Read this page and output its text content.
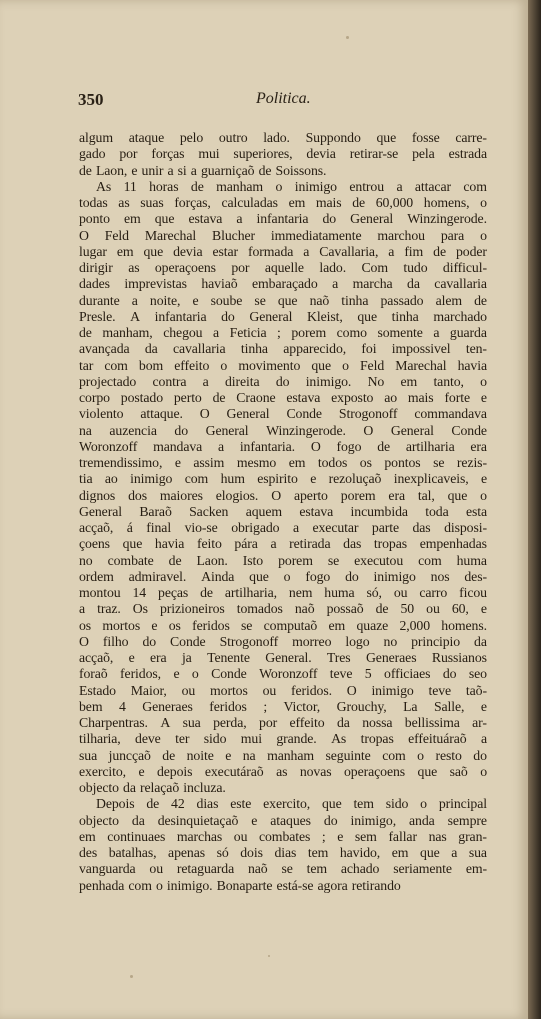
350	Politica.
algum ataque pelo outro lado. Suppondo que fosse carre-
gado por forças mui superiores, devia retirar-se pela estrada
de Laon, e unir a si a guarniçaõ de Soissons.
As 11 horas de manham o inimigo entrou a attacar com
todas as suas forças, calculadas em mais de 60,000 homens, o
ponto em que estava a infantaria do General Winzingerode.
O Feld Marechal Blucher immediatamente marchou para o
lugar em que devia estar formada a Cavallaria, a fim de poder
dirigir as operaçoens por aquelle lado. Com tudo difficul-
dades imprevistas haviaõ embaraçado a marcha da cavallaria
durante a noite, e soube se que naõ tinha passado alem de
Presle. A infantaria do General Kleist, que tinha marchado
de manham, chegou a Feticia ; porem como somente a guarda
avançada da cavallaria tinha apparecido, foi impossivel ten-
tar com bom effeito o movimento que o Feld Marechal havia
projectado contra a direita do inimigo. No em tanto, o
corpo postado perto de Craone estava exposto ao mais forte e
violento attaque. O General Conde Strogonoff commandava
na auzencia do General Winzingerode. O General Conde
Woronzoff mandava a infantaria. O fogo de artilharia era
tremendissimo, e assim mesmo em todos os pontos se rezis-
tia ao inimigo com hum espirito e rezoluçaõ inexplicaveis, e
dignos dos maiores elogios. O aperto porem era tal, que o
General Baraõ Sacken aquem estava incumbida toda esta
acçaõ, á final vio-se obrigado a executar parte das disposi-
çoens que havia feito pára a retirada das tropas empenhadas
no combate de Laon. Isto porem se executou com huma
ordem admiravel. Ainda que o fogo do inimigo nos des-
montou 14 peças de artilharia, nem huma só, ou carro ficou
a traz. Os prizioneiros tomados naõ possaõ de 50 ou 60, e
os mortos e os feridos se computaõ em quaze 2,000 homens.
O filho do Conde Strogonoff morreo logo no principio da
acçaõ, e era ja Tenente General. Tres Generaes Russianos
foraõ feridos, e o Conde Woronzoff teve 5 officiaes do seo
Estado Maior, ou mortos ou feridos. O inimigo teve taõ-
bem 4 Generaes feridos ; Victor, Grouchy, La Salle, e
Charpentras. A sua perda, por effeito da nossa bellissima ar-
tilharia, deve ter sido mui grande. As tropas effeituáraõ a
sua juncçaõ de noite e na manham seguinte com o resto do
exercito, e depois executáraõ as novas operaçoens que saõ o
objecto da relaçaõ incluza.
Depois de 42 dias este exercito, que tem sido o principal
objecto da desinquietaçaõ e ataques do inimigo, anda sempre
em continuaes marchas ou combates ; e sem fallar nas gran-
des batalhas, apenas só dois dias tem havido, em que a sua
vanguarda ou retaguarda naõ se tem achado seriamente em-
penhada com o inimigo. Bonaparte está-se agora retirando
